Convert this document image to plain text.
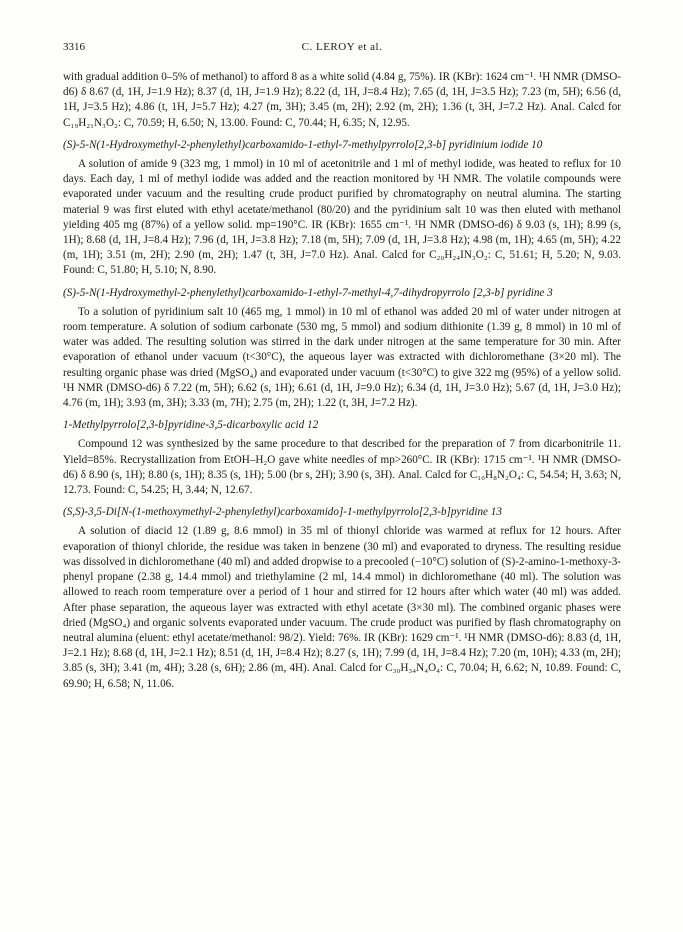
3316	C. LEROY et al.

with gradual addition 0–5% of methanol) to afford 8 as a white solid (4.84 g, 75%). IR (KBr): 1624 cm⁻¹. ¹H NMR (DMSO-d6) δ 8.67 (d, 1H, J=1.9 Hz); 8.37 (d, 1H, J=1.9 Hz); 8.22 (d, 1H, J=8.4 Hz); 7.65 (d, 1H, J=3.5 Hz); 7.23 (m, 5H); 6.56 (d, 1H, J=3.5 Hz); 4.86 (t, 1H, J=5.7 Hz); 4.27 (m, 3H); 3.45 (m, 2H); 2.92 (m, 2H); 1.36 (t, 3H, J=7.2 Hz). Anal. Calcd for C₁₉H₂₁N₃O₂: C, 70.59; H, 6.50; N, 13.00. Found: C, 70.44; H, 6.35; N, 12.95.

(S)-5-N(1-Hydroxymethyl-2-phenylethyl)carboxamido-1-ethyl-7-methylpyrrolo[2,3-b] pyridinium iodide 10

A solution of amide 9 (323 mg, 1 mmol) in 10 ml of acetonitrile and 1 ml of methyl iodide, was heated to reflux for 10 days. Each day, 1 ml of methyl iodide was added and the reaction monitored by ¹H NMR. The volatile compounds were evaporated under vacuum and the resulting crude product purified by chromatography on neutral alumina. The starting material 9 was first eluted with ethyl acetate/methanol (80/20) and the pyridinium salt 10 was then eluted with methanol yielding 405 mg (87%) of a yellow solid. mp=190°C. IR (KBr): 1655 cm⁻¹. ¹H NMR (DMSO-d6) δ 9.03 (s, 1H); 8.99 (s, 1H); 8.68 (d, 1H, J=8.4 Hz); 7.96 (d, 1H, J=3.8 Hz); 7.18 (m, 5H); 7.09 (d, 1H, J=3.8 Hz); 4.98 (m, 1H); 4.65 (m, 5H); 4.22 (m, 1H); 3.51 (m, 2H); 2.90 (m, 2H); 1.47 (t, 3H, J=7.0 Hz). Anal. Calcd for C₂₀H₂₄IN₃O₂: C, 51.61; H, 5.20; N, 9.03. Found: C, 51.80; H, 5.10; N, 8.90.

(S)-5-N(1-Hydroxymethyl-2-phenylethyl)carboxamido-1-ethyl-7-methyl-4,7-dihydropyrrolo [2,3-b] pyridine 3

To a solution of pyridinium salt 10 (465 mg, 1 mmol) in 10 ml of ethanol was added 20 ml of water under nitrogen at room temperature. A solution of sodium carbonate (530 mg, 5 mmol) and sodium dithionite (1.39 g, 8 mmol) in 10 ml of water was added. The resulting solution was stirred in the dark under nitrogen at the same temperature for 30 min. After evaporation of ethanol under vacuum (t<30°C), the aqueous layer was extracted with dichloromethane (3×20 ml). The resulting organic phase was dried (MgSO₄) and evaporated under vacuum (t<30°C) to give 322 mg (95%) of a yellow solid. ¹H NMR (DMSO-d6) δ 7.22 (m, 5H); 6.62 (s, 1H); 6.61 (d, 1H, J=9.0 Hz); 6.34 (d, 1H, J=3.0 Hz); 5.67 (d, 1H, J=3.0 Hz); 4.76 (m, 1H); 3.93 (m, 3H); 3.33 (m, 7H); 2.75 (m, 2H); 1.22 (t, 3H, J=7.2 Hz).

1-Methylpyrrolo[2,3-b]pyridine-3,5-dicarboxylic acid 12

Compound 12 was synthesized by the same procedure to that described for the preparation of 7 from dicarbonitrile 11. Yield=85%. Recrystallization from EtOH–H₂O gave white needles of mp>260°C. IR (KBr): 1715 cm⁻¹. ¹H NMR (DMSO-d6) δ 8.90 (s, 1H); 8.80 (s, 1H); 8.35 (s, 1H); 5.00 (br s, 2H); 3.90 (s, 3H). Anal. Calcd for C₁₀H₈N₂O₄: C, 54.54; H, 3.63; N, 12.73. Found: C, 54.25; H, 3.44; N, 12.67.

(S,S)-3,5-Di[N-(1-methoxymethyl-2-phenylethyl)carboxamido]-1-methylpyrrolo[2,3-b]pyridine 13

A solution of diacid 12 (1.89 g, 8.6 mmol) in 35 ml of thionyl chloride was warmed at reflux for 12 hours. After evaporation of thionyl chloride, the residue was taken in benzene (30 ml) and evaporated to dryness. The resulting residue was dissolved in dichloromethane (40 ml) and added dropwise to a precooled (−10°C) solution of (S)-2-amino-1-methoxy-3-phenyl propane (2.38 g, 14.4 mmol) and triethylamine (2 ml, 14.4 mmol) in dichloromethane (40 ml). The solution was allowed to reach room temperature over a period of 1 hour and stirred for 12 hours after which water (40 ml) was added. After phase separation, the aqueous layer was extracted with ethyl acetate (3×30 ml). The combined organic phases were dried (MgSO₄) and organic solvents evaporated under vacuum. The crude product was purified by flash chromatography on neutral alumina (eluent: ethyl acetate/methanol: 98/2). Yield: 76%. IR (KBr): 1629 cm⁻¹. ¹H NMR (DMSO-d6): 8.83 (d, 1H, J=2.1 Hz); 8.68 (d, 1H, J=2.1 Hz); 8.51 (d, 1H, J=8.4 Hz); 8.27 (s, 1H); 7.99 (d, 1H, J=8.4 Hz); 7.20 (m, 10H); 4.33 (m, 2H); 3.85 (s, 3H); 3.41 (m, 4H); 3.28 (s, 6H); 2.86 (m, 4H). Anal. Calcd for C₃₀H₃₄N₄O₄: C, 70.04; H, 6.62; N, 10.89. Found: C, 69.90; H, 6.58; N, 11.06.
